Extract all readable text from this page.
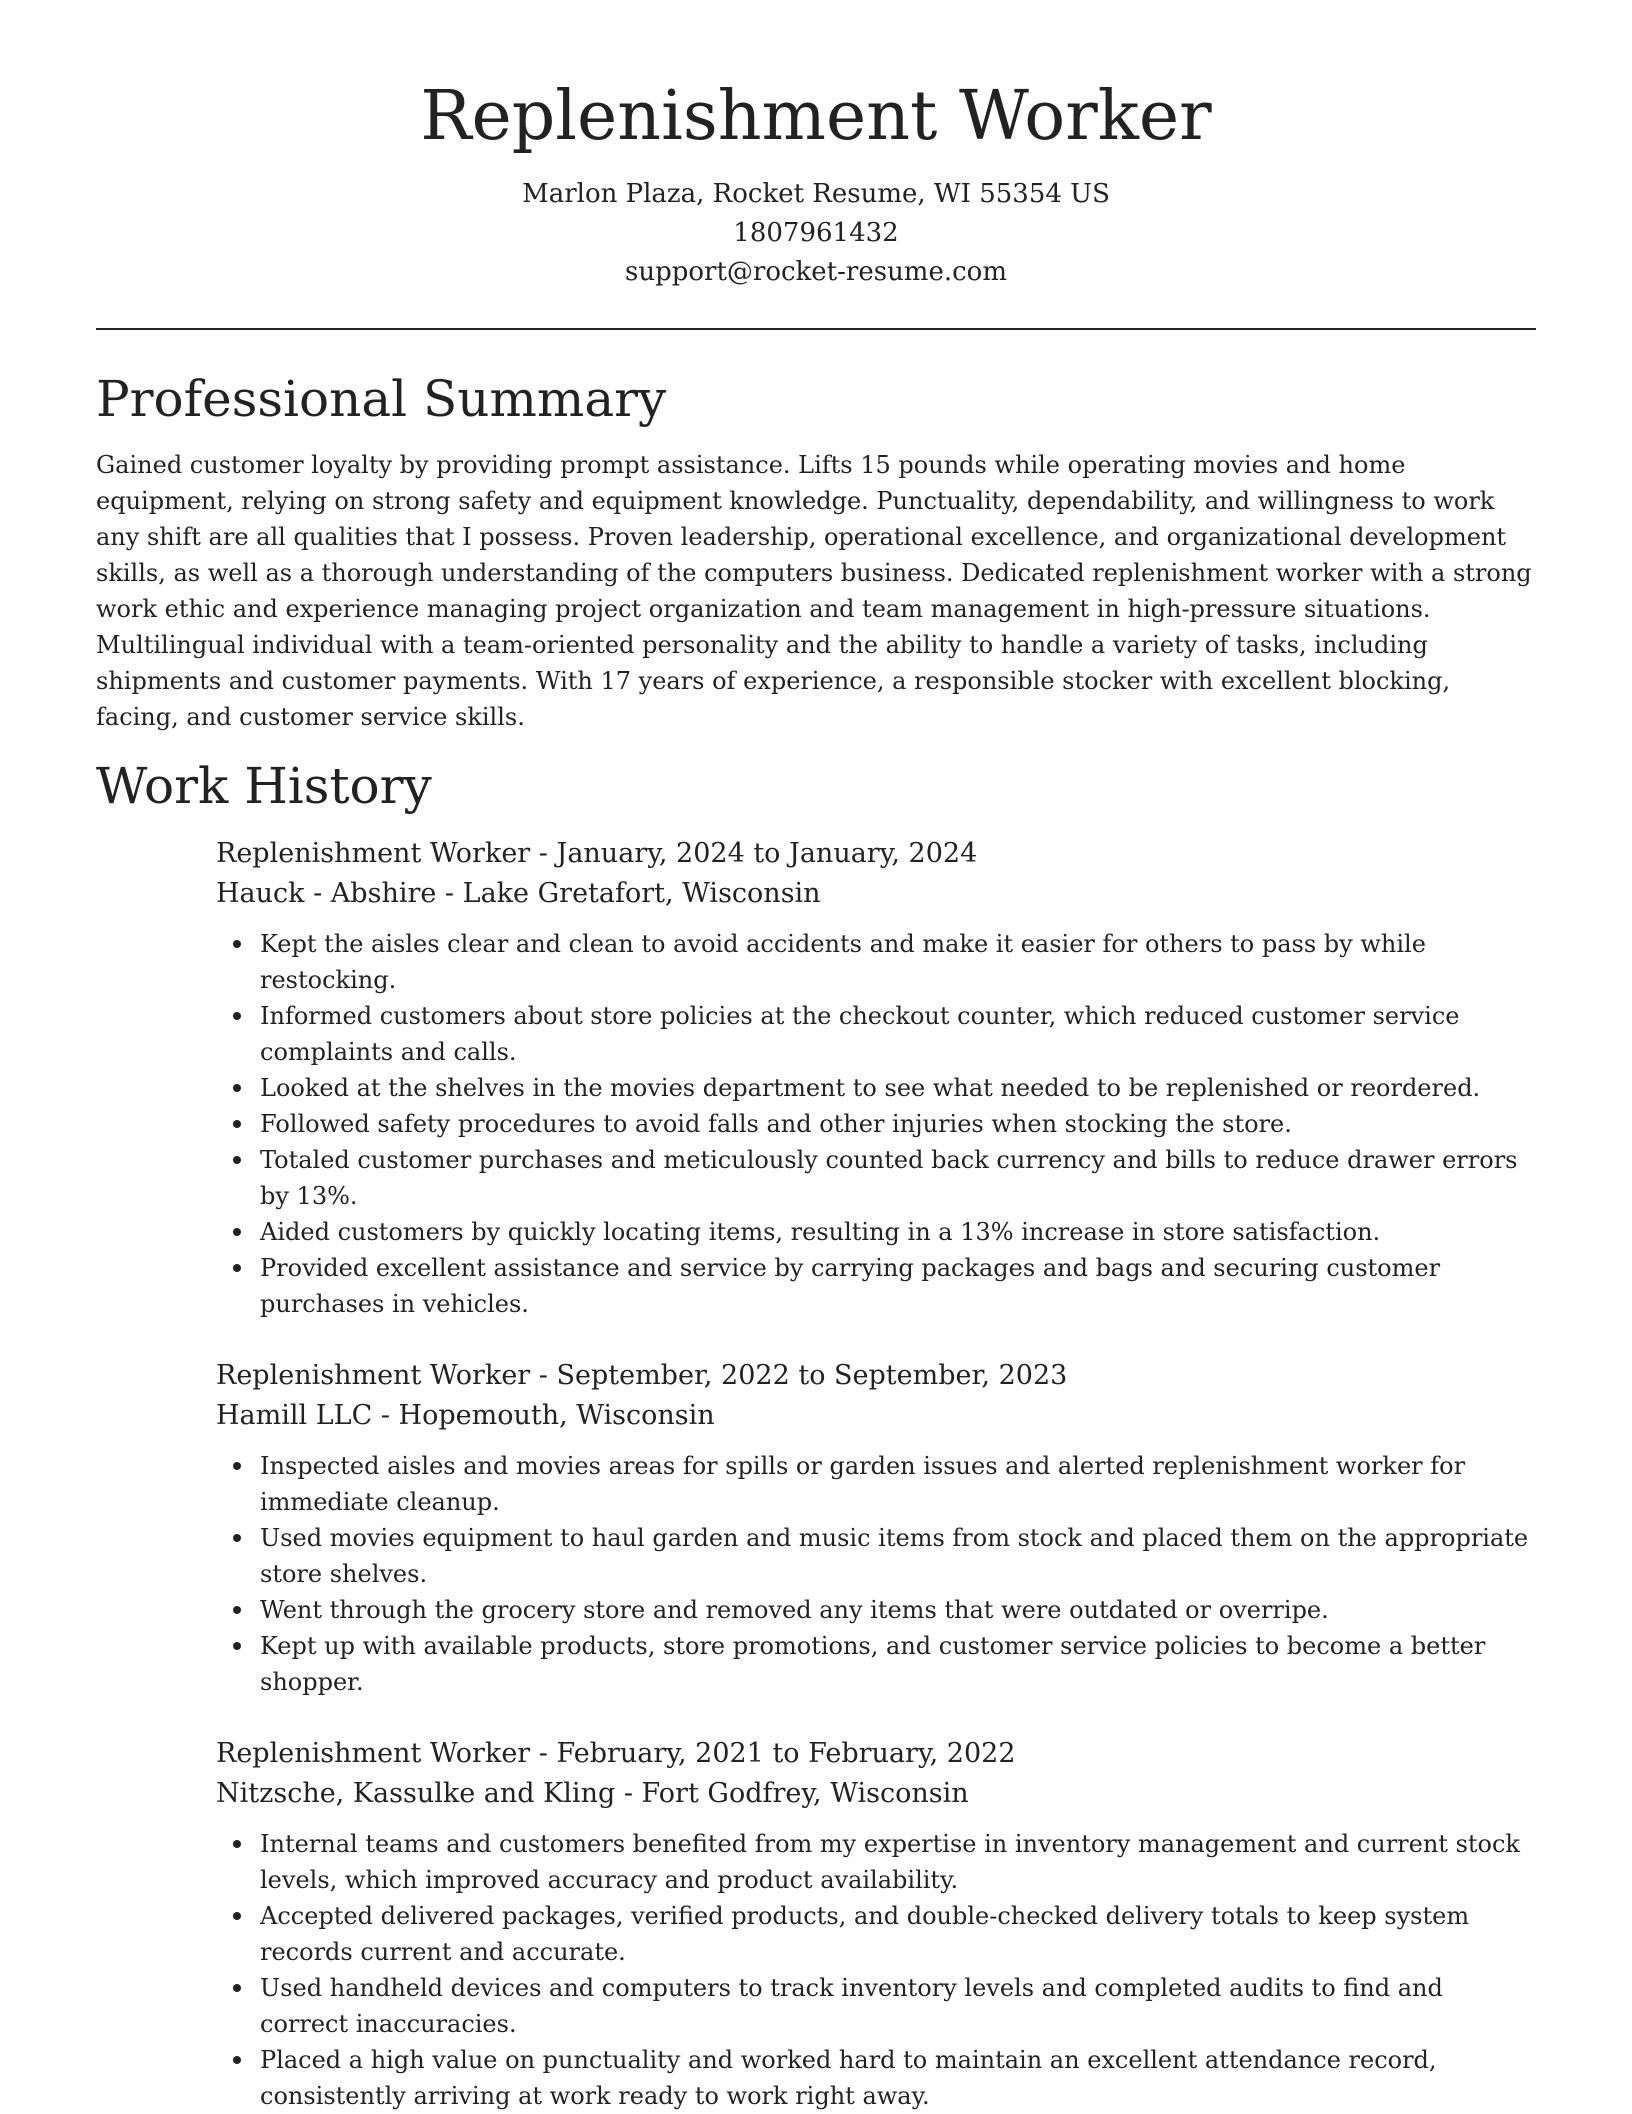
Replenishment Worker

Marlon Plaza, Rocket Resume, WI 55354 US

1807961432

support@rocket-resume.com

Professional Summary

Gained customer loyalty by providing prompt assistance. Lifts 15 pounds while operating movies and home equipment, relying on strong safety and equipment knowledge. Punctuality, dependability, and willingness to work any shift are all qualities that I possess. Proven leadership, operational excellence, and organizational development skills, as well as a thorough understanding of the computers business. Dedicated replenishment worker with a strong work ethic and experience managing project organization and team management in high-pressure situations. Multilingual individual with a team-oriented personality and the ability to handle a variety of tasks, including shipments and customer payments. With 17 years of experience, a responsible stocker with excellent blocking, facing, and customer service skills.

Work History

Replenishment Worker - January, 2024 to January, 2024

Hauck - Abshire - Lake Gretafort, Wisconsin

Kept the aisles clear and clean to avoid accidents and make it easier for others to pass by while restocking.
Informed customers about store policies at the checkout counter, which reduced customer service complaints and calls.
Looked at the shelves in the movies department to see what needed to be replenished or reordered.
Followed safety procedures to avoid falls and other injuries when stocking the store.
Totaled customer purchases and meticulously counted back currency and bills to reduce drawer errors by 13%.
Aided customers by quickly locating items, resulting in a 13% increase in store satisfaction.
Provided excellent assistance and service by carrying packages and bags and securing customer purchases in vehicles.

Replenishment Worker - September, 2022 to September, 2023

Hamill LLC - Hopemouth, Wisconsin

Inspected aisles and movies areas for spills or garden issues and alerted replenishment worker for immediate cleanup.
Used movies equipment to haul garden and music items from stock and placed them on the appropriate store shelves.
Went through the grocery store and removed any items that were outdated or overripe.
Kept up with available products, store promotions, and customer service policies to become a better shopper.

Replenishment Worker - February, 2021 to February, 2022

Nitzsche, Kassulke and Kling - Fort Godfrey, Wisconsin

Internal teams and customers benefited from my expertise in inventory management and current stock levels, which improved accuracy and product availability.
Accepted delivered packages, verified products, and double-checked delivery totals to keep system records current and accurate.
Used handheld devices and computers to track inventory levels and completed audits to find and correct inaccuracies.
Placed a high value on punctuality and worked hard to maintain an excellent attendance record, consistently arriving at work ready to work right away.
